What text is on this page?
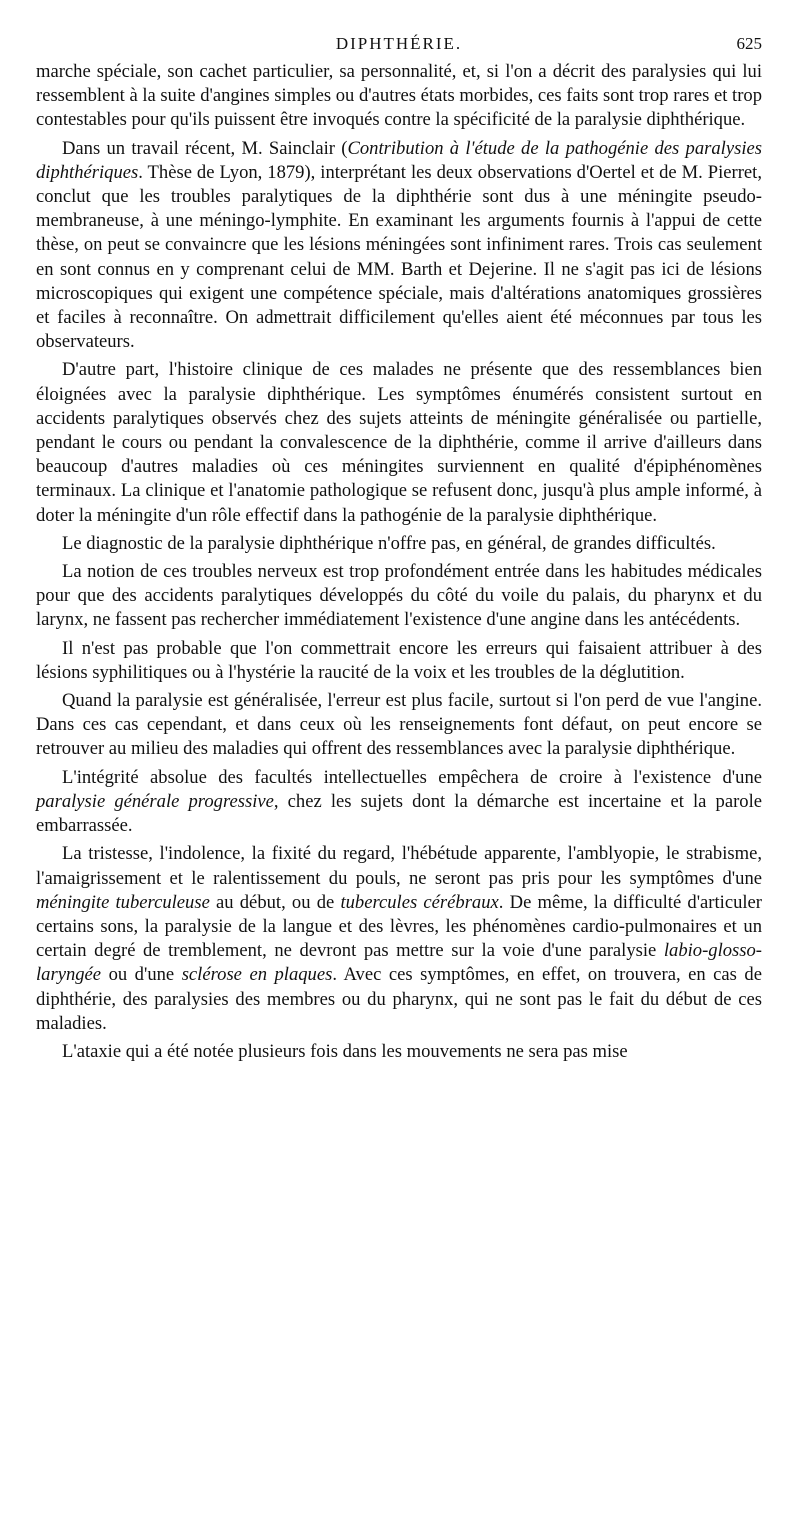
DIPHTHÉRIE.	625

marche spéciale, son cachet particulier, sa personnalité, et, si l'on a décrit des paralysies qui lui ressemblent à la suite d'angines simples ou d'autres états morbides, ces faits sont trop rares et trop contestables pour qu'ils puissent être invoqués contre la spécificité de la paralysie diphthérique.

Dans un travail récent, M. Sainclair (Contribution à l'étude de la pathogénie des paralysies diphthériques. Thèse de Lyon, 1879), interprétant les deux observations d'Oertel et de M. Pierret, conclut que les troubles paralytiques de la diphthérie sont dus à une méningite pseudo-membraneuse, à une méningo-lymphite. En examinant les arguments fournis à l'appui de cette thèse, on peut se convaincre que les lésions méningées sont infiniment rares. Trois cas seulement en sont connus en y comprenant celui de MM. Barth et Dejerine. Il ne s'agit pas ici de lésions microscopiques qui exigent une compétence spéciale, mais d'altérations anatomiques grossières et faciles à reconnaître. On admettrait difficilement qu'elles aient été méconnues par tous les observateurs.

D'autre part, l'histoire clinique de ces malades ne présente que des ressemblances bien éloignées avec la paralysie diphthérique. Les symptômes énumérés consistent surtout en accidents paralytiques observés chez des sujets atteints de méningite généralisée ou partielle, pendant le cours ou pendant la convalescence de la diphthérie, comme il arrive d'ailleurs dans beaucoup d'autres maladies où ces méningites surviennent en qualité d'épiphénomènes terminaux. La clinique et l'anatomie pathologique se refusent donc, jusqu'à plus ample informé, à doter la méningite d'un rôle effectif dans la pathogénie de la paralysie diphthérique.

Le diagnostic de la paralysie diphthérique n'offre pas, en général, de grandes difficultés.

La notion de ces troubles nerveux est trop profondément entrée dans les habitudes médicales pour que des accidents paralytiques développés du côté du voile du palais, du pharynx et du larynx, ne fassent pas rechercher immédiatement l'existence d'une angine dans les antécédents.

Il n'est pas probable que l'on commettrait encore les erreurs qui faisaient attribuer à des lésions syphilitiques ou à l'hystérie la raucité de la voix et les troubles de la déglutition.

Quand la paralysie est généralisée, l'erreur est plus facile, surtout si l'on perd de vue l'angine. Dans ces cas cependant, et dans ceux où les renseignements font défaut, on peut encore se retrouver au milieu des maladies qui offrent des ressemblances avec la paralysie diphthérique.

L'intégrité absolue des facultés intellectuelles empêchera de croire à l'existence d'une paralysie générale progressive, chez les sujets dont la démarche est incertaine et la parole embarrassée.

La tristesse, l'indolence, la fixité du regard, l'hébétude apparente, l'amblyopie, le strabisme, l'amaigrissement et le ralentissement du pouls, ne seront pas pris pour les symptômes d'une méningite tuberculeuse au début, ou de tubercules cérébraux. De même, la difficulté d'articuler certains sons, la paralysie de la langue et des lèvres, les phénomènes cardio-pulmonaires et un certain degré de tremblement, ne devront pas mettre sur la voie d'une paralysie labio-glosso-laryngée ou d'une sclérose en plaques. Avec ces symptômes, en effet, on trouvera, en cas de diphthérie, des paralysies des membres ou du pharynx, qui ne sont pas le fait du début de ces maladies.

L'ataxie qui a été notée plusieurs fois dans les mouvements ne sera pas mise
